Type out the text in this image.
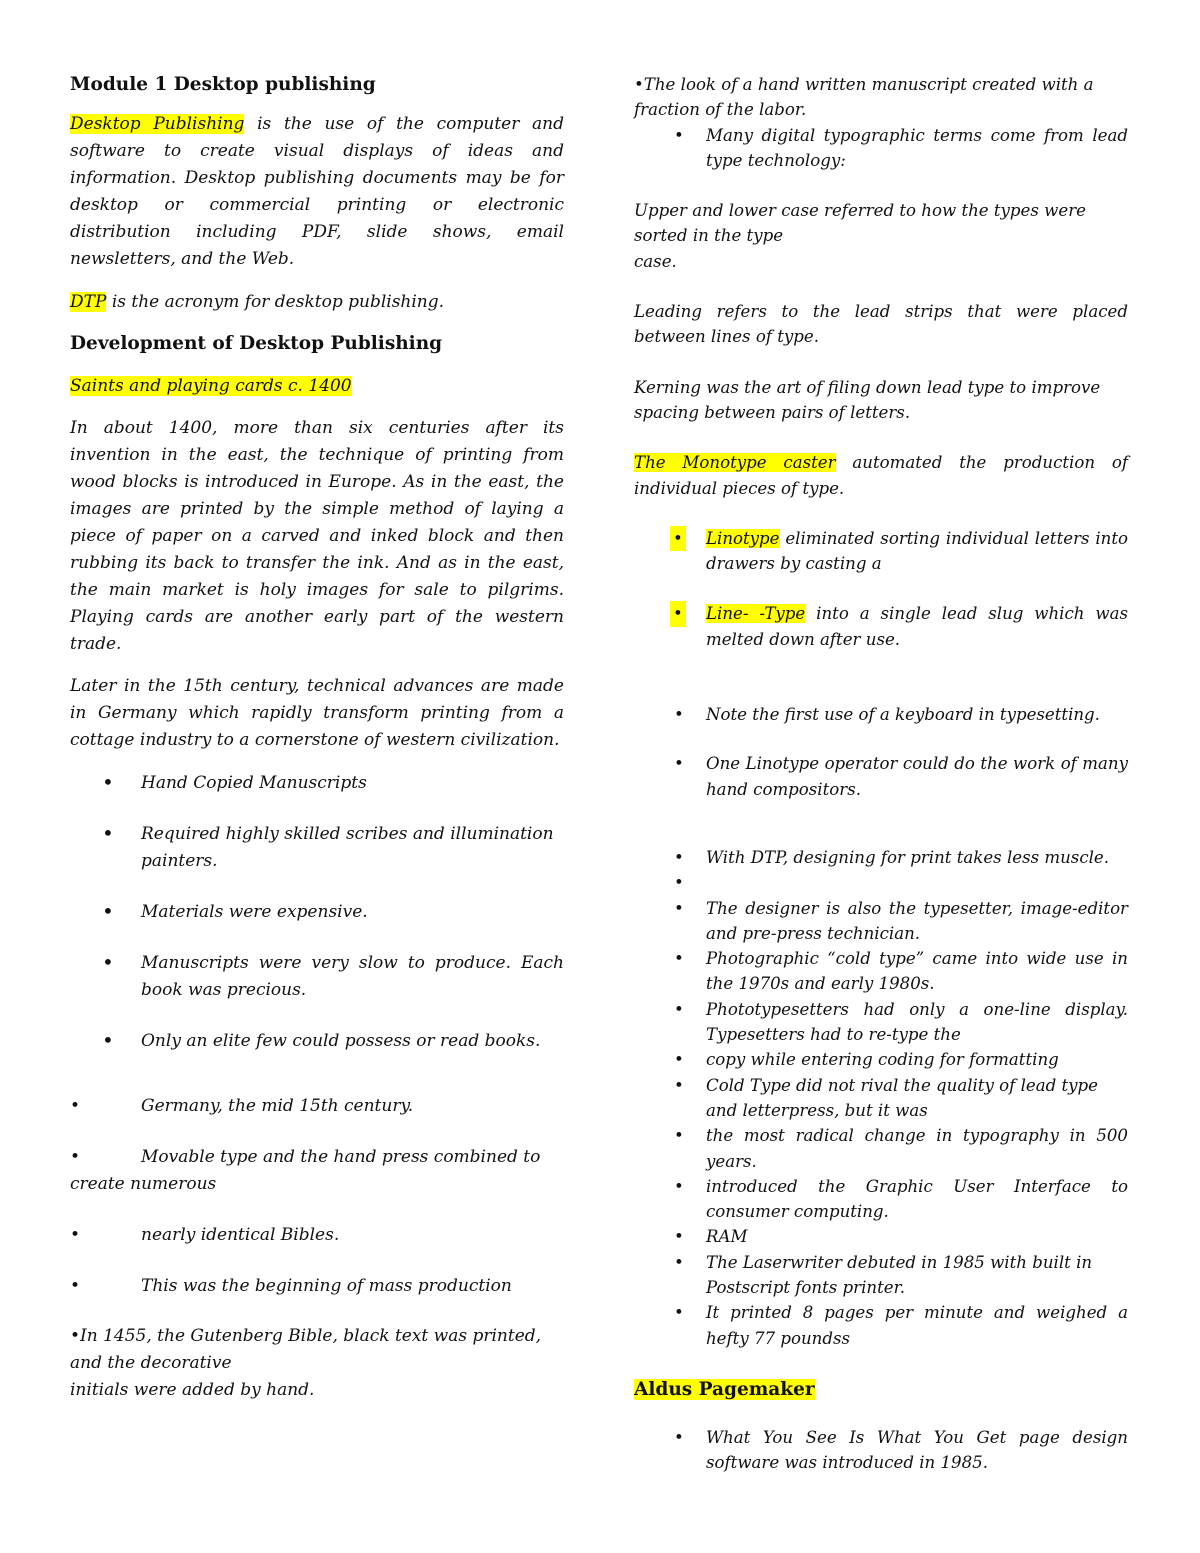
Module 1 Desktop publishing

Desktop Publishing is the use of the computer and software to create visual displays of ideas and information. Desktop publishing documents may be for desktop or commercial printing or electronic distribution including PDF, slide shows, email newsletters, and the Web.

DTP is the acronym for desktop publishing.

Development of Desktop Publishing

Saints and playing cards c. 1400

In about 1400, more than six centuries after its invention in the east, the technique of printing from wood blocks is introduced in Europe. As in the east, the images are printed by the simple method of laying a piece of paper on a carved and inked block and then rubbing its back to transfer the ink. And as in the east, the main market is holy images for sale to pilgrims. Playing cards are another early part of the western trade.

Later in the 15th century, technical advances are made in Germany which rapidly transform printing from a cottage industry to a cornerstone of western civilization.

• Hand Copied Manuscripts
• Required highly skilled scribes and illumination painters.
• Materials were expensive.
• Manuscripts were very slow to produce. Each book was precious.
• Only an elite few could possess or read books.
•	Germany, the mid 15th century.
•	Movable type and the hand press combined to
create numerous
•	nearly identical Bibles.
•	This was the beginning of mass production

•In 1455, the Gutenberg Bible, black text was printed,
and the decorative
initials were added by hand.

•The look of a hand written manuscript created with a
fraction of the labor.

• Many digital typographic terms come from lead type technology:

Upper and lower case referred to how the types were
sorted in the type
case.

Leading refers to the lead strips that were placed between lines of type.

Kerning was the art of filing down lead type to improve spacing between pairs of letters.

The Monotype caster automated the production of individual pieces of type.

• Linotype eliminated sorting individual letters into drawers by casting a
• Line- -Type into a single lead slug which was melted down after use.
• Note the first use of a keyboard in typesetting.
• One Linotype operator could do the work of many hand compositors.
• With DTP, designing for print takes less muscle.
•
• The designer is also the typesetter, image-editor and pre-press technician.
• Photographic “cold type” came into wide use in the 1970s and early 1980s.
• Phototypesetters had only a one-line display. Typesetters had to re-type the
• copy while entering coding for formatting
• Cold Type did not rival the quality of lead type and letterpress, but it was
• the most radical change in typography in 500 years.
• introduced the Graphic User Interface to consumer computing.
• RAM
• The Laserwriter debuted in 1985 with built in Postscript fonts printer.
• It printed 8 pages per minute and weighed a hefty 77 poundss

Aldus Pagemaker

• What You See Is What You Get page design software was introduced in 1985.
